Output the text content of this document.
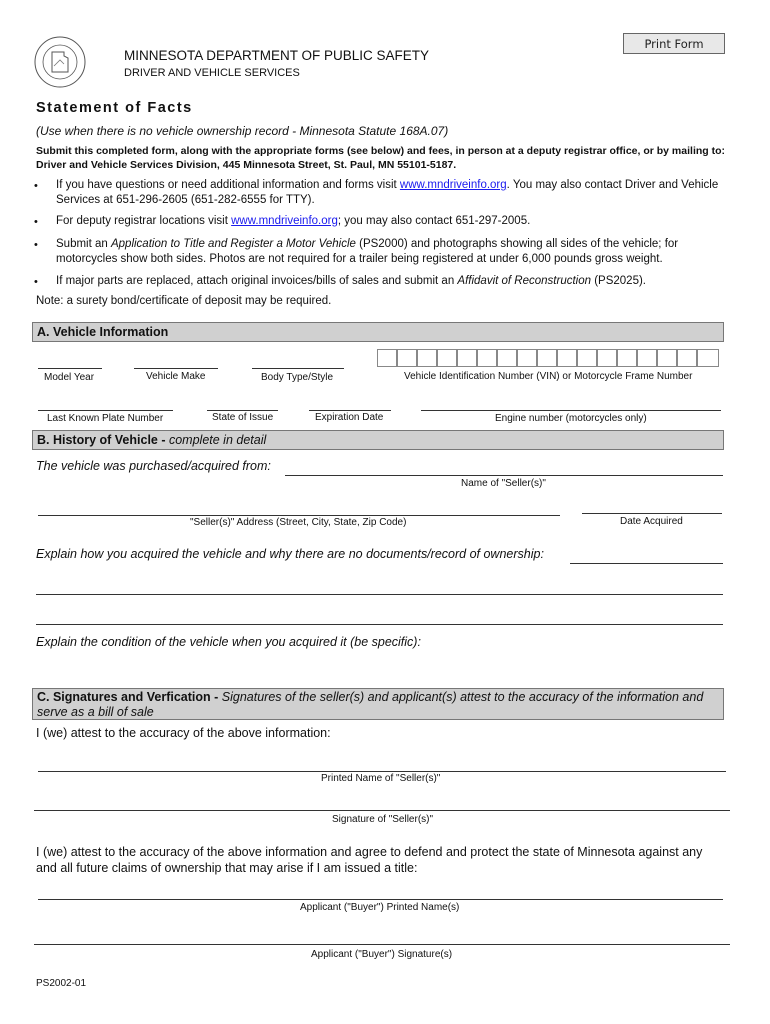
MINNESOTA DEPARTMENT OF PUBLIC SAFETY
DRIVER AND VEHICLE SERVICES
Print Form
Statement of Facts
(Use when there is no vehicle ownership record - Minnesota Statute 168A.07)
Submit this completed form, along with the appropriate forms (see below) and fees, in person at a deputy registrar office, or by mailing to: Driver and Vehicle Services Division, 445 Minnesota Street, St. Paul, MN 55101-5187.
• If you have questions or need additional information and forms visit www.mndriveinfo.org. You may also contact Driver and Vehicle Services at 651-296-2605 (651-282-6555 for TTY).
• For deputy registrar locations visit www.mndriveinfo.org; you may also contact 651-297-2005.
• Submit an Application to Title and Register a Motor Vehicle (PS2000) and photographs showing all sides of the vehicle; for motorcycles show both sides. Photos are not required for a trailer being registered at under 6,000 pounds gross weight.
• If major parts are replaced, attach original invoices/bills of sales and submit an Affidavit of Reconstruction (PS2025).
Note: a surety bond/certificate of deposit may be required.
A. Vehicle Information
Model Year	Vehicle Make	Body Type/Style	Vehicle Identification Number (VIN) or Motorcycle Frame Number
Last Known Plate Number	State of Issue	Expiration Date	Engine number (motorcycles only)
B. History of Vehicle - complete in detail
The vehicle was purchased/acquired from:
Name of "Seller(s)"
"Seller(s)" Address (Street, City, State, Zip Code)	Date Acquired
Explain how you acquired the vehicle and why there are no documents/record of ownership:
Explain the condition of the vehicle when you acquired it (be specific):
C. Signatures and Verfication - Signatures of the seller(s) and applicant(s) attest to the accuracy of the information and serve as a bill of sale
I (we) attest to the accuracy of the above information:
Printed Name of "Seller(s)"
Signature of "Seller(s)"
I (we) attest to the accuracy of the above information and agree to defend and protect the state of Minnesota against any and all future claims of ownership that may arise if I am issued a title:
Applicant ("Buyer") Printed Name(s)
Applicant ("Buyer") Signature(s)
PS2002-01
